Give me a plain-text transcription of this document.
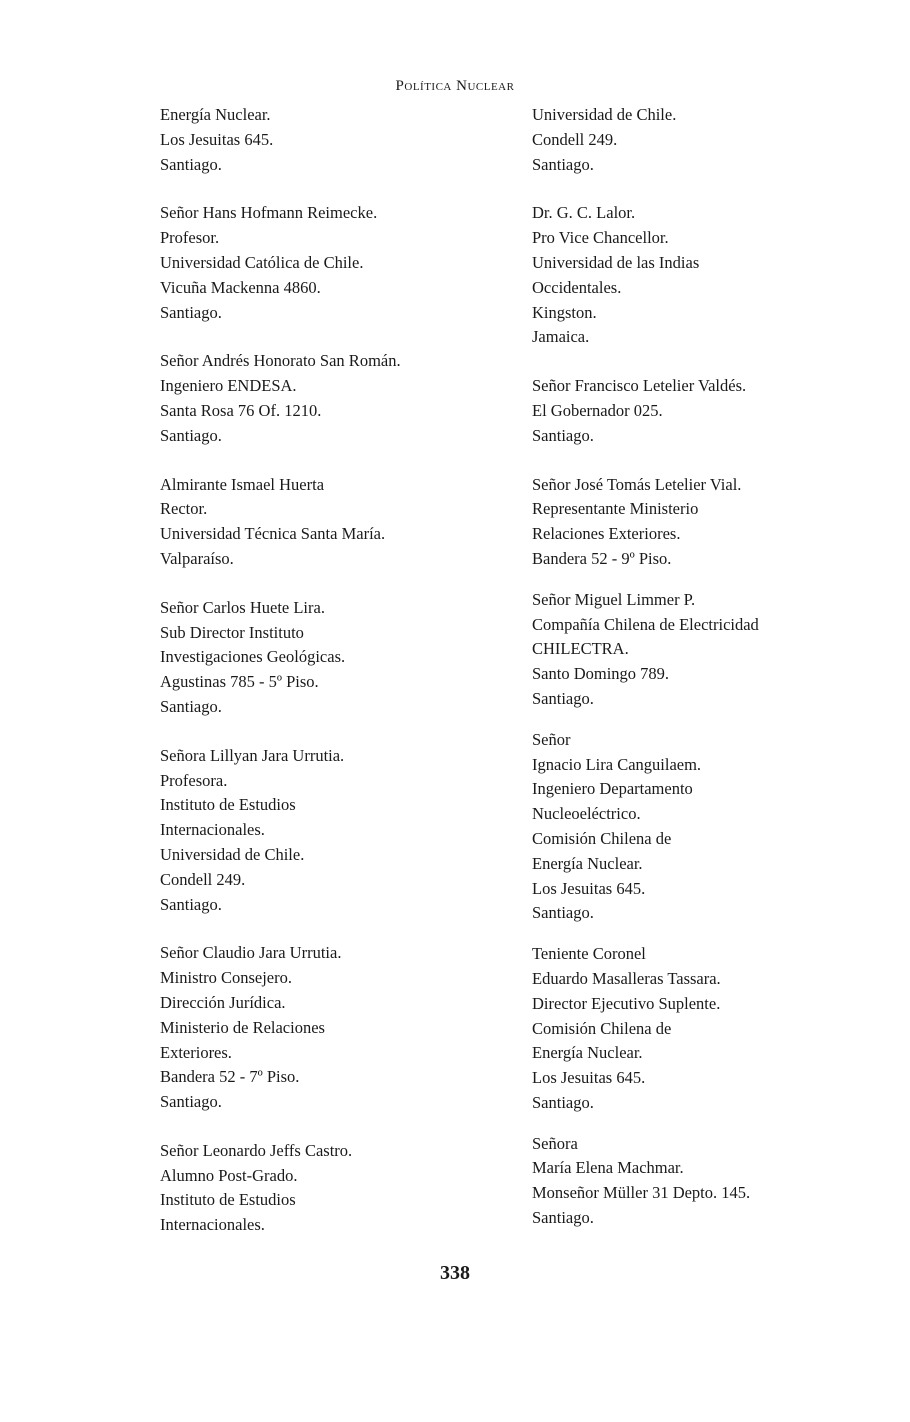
Política Nuclear
Energía Nuclear.
Los Jesuitas 645.
Santiago.
Señor Hans Hofmann Reimecke.
Profesor.
Universidad Católica de Chile.
Vicuña Mackenna 4860.
Santiago.
Señor Andrés Honorato San Román.
Ingeniero ENDESA.
Santa Rosa 76 Of. 1210.
Santiago.
Almirante Ismael Huerta
Rector.
Universidad Técnica Santa María.
Valparaíso.
Señor Carlos Huete Lira.
Sub Director Instituto
Investigaciones Geológicas.
Agustinas 785 - 5º Piso.
Santiago.
Señora Lillyan Jara Urrutia.
Profesora.
Instituto de Estudios
Internacionales.
Universidad de Chile.
Condell 249.
Santiago.
Señor Claudio Jara Urrutia.
Ministro Consejero.
Dirección Jurídica.
Ministerio de Relaciones
Exteriores.
Bandera 52 - 7º Piso.
Santiago.
Señor Leonardo Jeffs Castro.
Alumno Post-Grado.
Instituto de Estudios
Internacionales.
Universidad de Chile.
Condell 249.
Santiago.
Dr. G. C. Lalor.
Pro Vice Chancellor.
Universidad de las Indias
Occidentales.
Kingston.
Jamaica.
Señor Francisco Letelier Valdés.
El Gobernador 025.
Santiago.
Señor José Tomás Letelier Vial.
Representante Ministerio
Relaciones Exteriores.
Bandera 52 - 9º Piso.
Señor Miguel Limmer P.
Compañía Chilena de Electricidad
CHILECTRA.
Santo Domingo 789.
Santiago.
Señor
Ignacio Lira Canguilaem.
Ingeniero Departamento
Nucleoeléctrico.
Comisión Chilena de
Energía Nuclear.
Los Jesuitas 645.
Santiago.
Teniente Coronel
Eduardo Masalleras Tassara.
Director Ejecutivo Suplente.
Comisión Chilena de
Energía Nuclear.
Los Jesuitas 645.
Santiago.
Señora
María Elena Machmar.
Monseñor Müller 31 Depto. 145.
Santiago.
338
